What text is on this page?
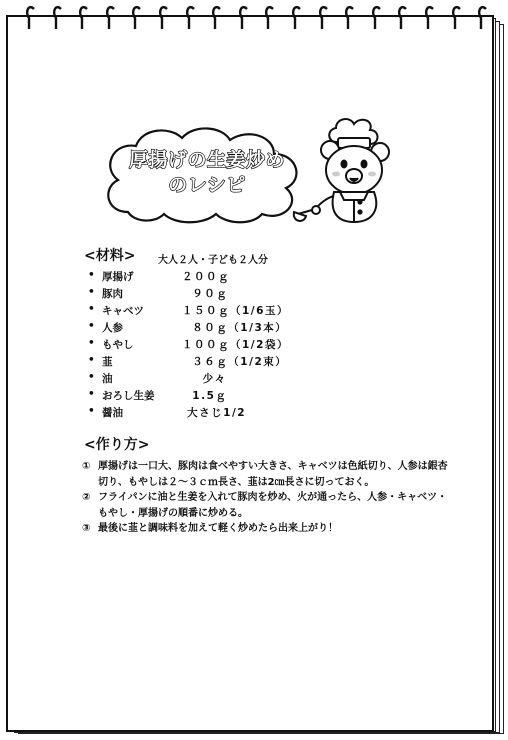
厚揚げの生姜炒め
のレシピ
<材料> 大人２人・子ども２人分
• 厚揚げ	２００ｇ
• 豚肉	９０ｇ
• キャベツ	１５０ｇ（1/6玉）
• 人参	８０ｇ（1/3本）
• もやし	１００ｇ（1/2袋）
• 韮	３６ｇ（1/2束）
• 油	少々
• おろし生姜	1.5ｇ
• 醤油	大さじ1/2
<作り方>
① 厚揚げは一口大、豚肉は食べやすい大きさ、キャベツは色紙切り、人参は銀杏切り、もやしは２～３ｃｍ長さ、韮は2㎝長さに切っておく。
② フライパンに油と生姜を入れて豚肉を炒め、火が通ったら、人参・キャベツ・もやし・厚揚げの順番に炒める。
③ 最後に韮と調味料を加えて軽く炒めたら出来上がり！
